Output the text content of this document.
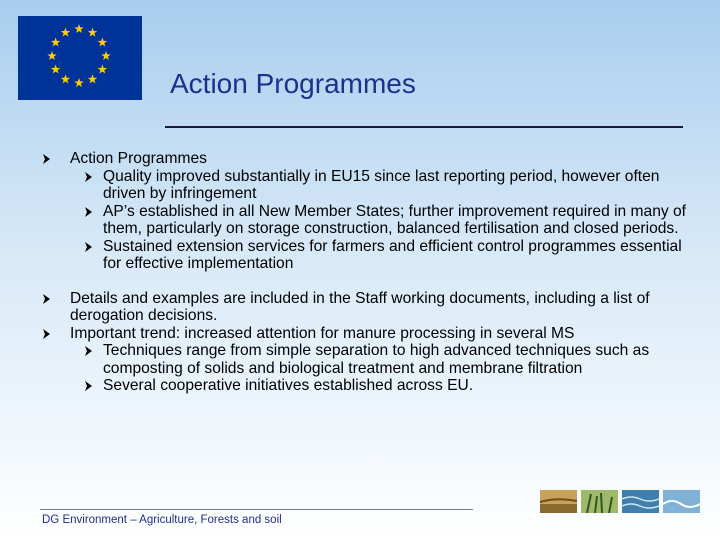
Action Programmes
Action Programmes
Quality improved substantially in EU15 since last reporting period, however often driven by infringement
AP’s established in all New Member States; further improvement required in many of them, particularly on storage construction, balanced fertilisation and closed periods.
Sustained extension services for farmers and efficient control programmes essential for effective implementation
Details and examples are included in the Staff working documents, including a list of derogation decisions.
Important trend: increased attention for manure processing in several MS
Techniques range from simple separation to high advanced techniques such as composting of solids and biological treatment and membrane filtration
Several cooperative initiatives established across EU.
DG Environment – Agriculture, Forests and soil
